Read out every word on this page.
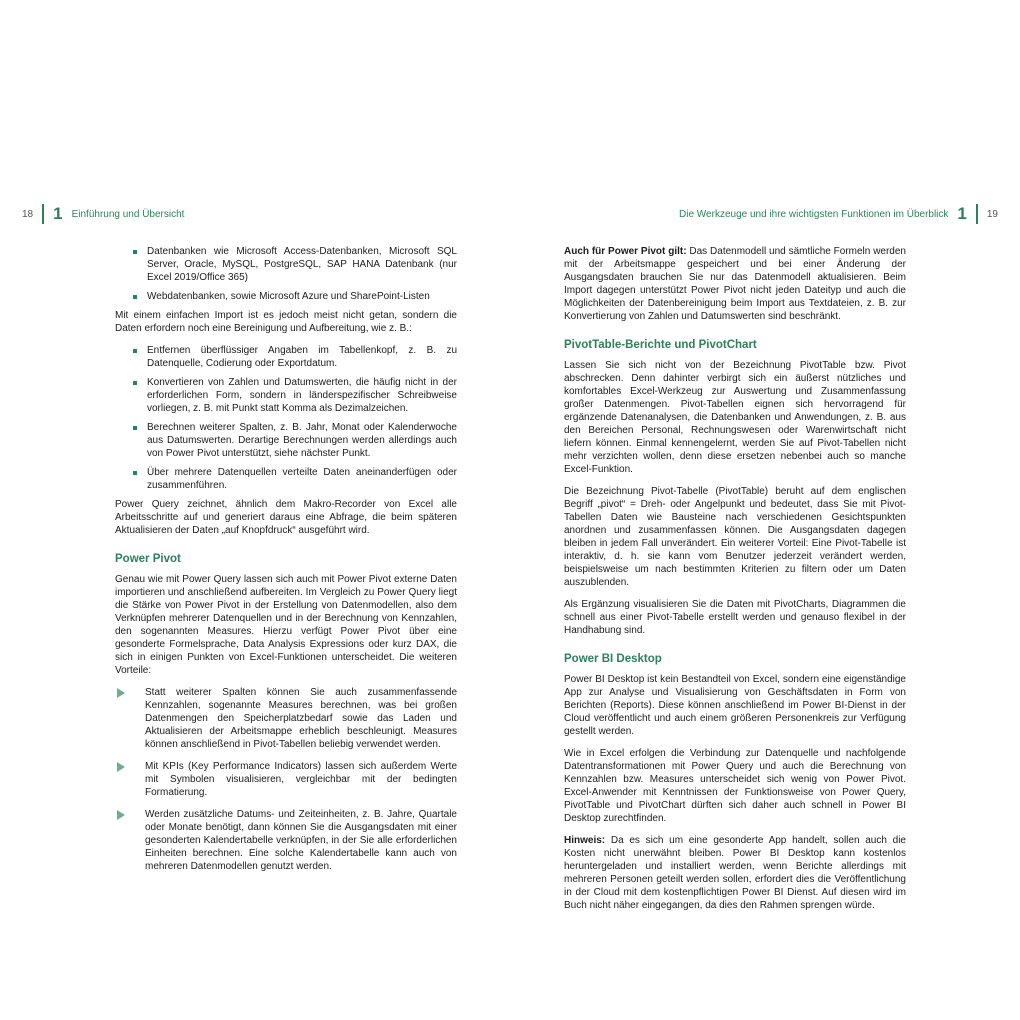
18 1 Einführung und Übersicht	Die Werkzeuge und ihre wichtigsten Funktionen im Überblick 1 19
Datenbanken wie Microsoft Access-Datenbanken, Microsoft SQL Server, Oracle, MySQL, PostgreSQL, SAP HANA Datenbank (nur Excel 2019/Office 365)
Webdatenbanken, sowie Microsoft Azure und SharePoint-Listen

Mit einem einfachen Import ist es jedoch meist nicht getan, sondern die Daten erfordern noch eine Bereinigung und Aufbereitung, wie z. B.:

Entfernen überflüssiger Angaben im Tabellenkopf, z. B. zu Datenquelle, Codierung oder Exportdatum.
Konvertieren von Zahlen und Datumswerten, die häufig nicht in der erforderlichen Form, sondern in länderspezifischer Schreibweise vorliegen, z. B. mit Punkt statt Komma als Dezimalzeichen.
Berechnen weiterer Spalten, z. B. Jahr, Monat oder Kalenderwoche aus Datumswerten. Derartige Berechnungen werden allerdings auch von Power Pivot unterstützt, siehe nächster Punkt.
Über mehrere Datenquellen verteilte Daten aneinanderfügen oder zusammenführen.

Power Query zeichnet, ähnlich dem Makro-Recorder von Excel alle Arbeitsschritte auf und generiert daraus eine Abfrage, die beim späteren Aktualisieren der Daten „auf Knopfdruck“ ausgeführt wird.

Power Pivot

Genau wie mit Power Query lassen sich auch mit Power Pivot externe Daten importieren und anschließend aufbereiten. Im Vergleich zu Power Query liegt die Stärke von Power Pivot in der Erstellung von Datenmodellen, also dem Verknüpfen mehrerer Datenquellen und in der Berechnung von Kennzahlen, den sogenannten Measures. Hierzu verfügt Power Pivot über eine gesonderte Formelsprache, Data Analysis Expressions oder kurz DAX, die sich in einigen Punkten von Excel-Funktionen unterscheidet. Die weiteren Vorteile:

Statt weiterer Spalten können Sie auch zusammenfassende Kennzahlen, sogenannte Measures berechnen, was bei großen Datenmengen den Speicherplatzbedarf sowie das Laden und Aktualisieren der Arbeitsmappe erheblich beschleunigt. Measures können anschließend in Pivot-Tabellen beliebig verwendet werden.
Mit KPIs (Key Performance Indicators) lassen sich außerdem Werte mit Symbolen visualisieren, vergleichbar mit der bedingten Formatierung.
Werden zusätzliche Datums- und Zeiteinheiten, z. B. Jahre, Quartale oder Monate benötigt, dann können Sie die Ausgangsdaten mit einer gesonderten Kalendertabelle verknüpfen, in der Sie alle erforderlichen Einheiten berechnen. Eine solche Kalendertabelle kann auch von mehreren Datenmodellen genutzt werden.

Auch für Power Pivot gilt: Das Datenmodell und sämtliche Formeln werden mit der Arbeitsmappe gespeichert und bei einer Änderung der Ausgangsdaten brauchen Sie nur das Datenmodell aktualisieren. Beim Import dagegen unterstützt Power Pivot nicht jeden Dateityp und auch die Möglichkeiten der Datenbereinigung beim Import aus Textdateien, z. B. zur Konvertierung von Zahlen und Datumswerten sind beschränkt.

PivotTable-Berichte und PivotChart

Lassen Sie sich nicht von der Bezeichnung PivotTable bzw. Pivot abschrecken. Denn dahinter verbirgt sich ein äußerst nützliches und komfortables Excel-Werkzeug zur Auswertung und Zusammenfassung großer Datenmengen. Pivot-Tabellen eignen sich hervorragend für ergänzende Datenanalysen, die Datenbanken und Anwendungen, z. B. aus den Bereichen Personal, Rechnungswesen oder Warenwirtschaft nicht liefern können. Einmal kennengelernt, werden Sie auf Pivot-Tabellen nicht mehr verzichten wollen, denn diese ersetzen nebenbei auch so manche Excel-Funktion.

Die Bezeichnung Pivot-Tabelle (PivotTable) beruht auf dem englischen Begriff „pivot“ = Dreh- oder Angelpunkt und bedeutet, dass Sie mit Pivot-Tabellen Daten wie Bausteine nach verschiedenen Gesichtspunkten anordnen und zusammenfassen können. Die Ausgangsdaten dagegen bleiben in jedem Fall unverändert. Ein weiterer Vorteil: Eine Pivot-Tabelle ist interaktiv, d. h. sie kann vom Benutzer jederzeit verändert werden, beispielsweise um nach bestimmten Kriterien zu filtern oder um Daten auszublenden.

Als Ergänzung visualisieren Sie die Daten mit PivotCharts, Diagrammen die schnell aus einer Pivot-Tabelle erstellt werden und genauso flexibel in der Handhabung sind.

Power BI Desktop

Power BI Desktop ist kein Bestandteil von Excel, sondern eine eigenständige App zur Analyse und Visualisierung von Geschäftsdaten in Form von Berichten (Reports). Diese können anschließend im Power BI-Dienst in der Cloud veröffentlicht und auch einem größeren Personenkreis zur Verfügung gestellt werden.

Wie in Excel erfolgen die Verbindung zur Datenquelle und nachfolgende Datentransformationen mit Power Query und auch die Berechnung von Kennzahlen bzw. Measures unterscheidet sich wenig von Power Pivot. Excel-Anwender mit Kenntnissen der Funktionsweise von Power Query, PivotTable und PivotChart dürften sich daher auch schnell in Power BI Desktop zurechtfinden.

Hinweis: Da es sich um eine gesonderte App handelt, sollen auch die Kosten nicht unerwähnt bleiben. Power BI Desktop kann kostenlos heruntergeladen und installiert werden, wenn Berichte allerdings mit mehreren Personen geteilt werden sollen, erfordert dies die Veröffentlichung in der Cloud mit dem kostenpflichtigen Power BI Dienst. Auf diesen wird im Buch nicht näher eingegangen, da dies den Rahmen sprengen würde.
